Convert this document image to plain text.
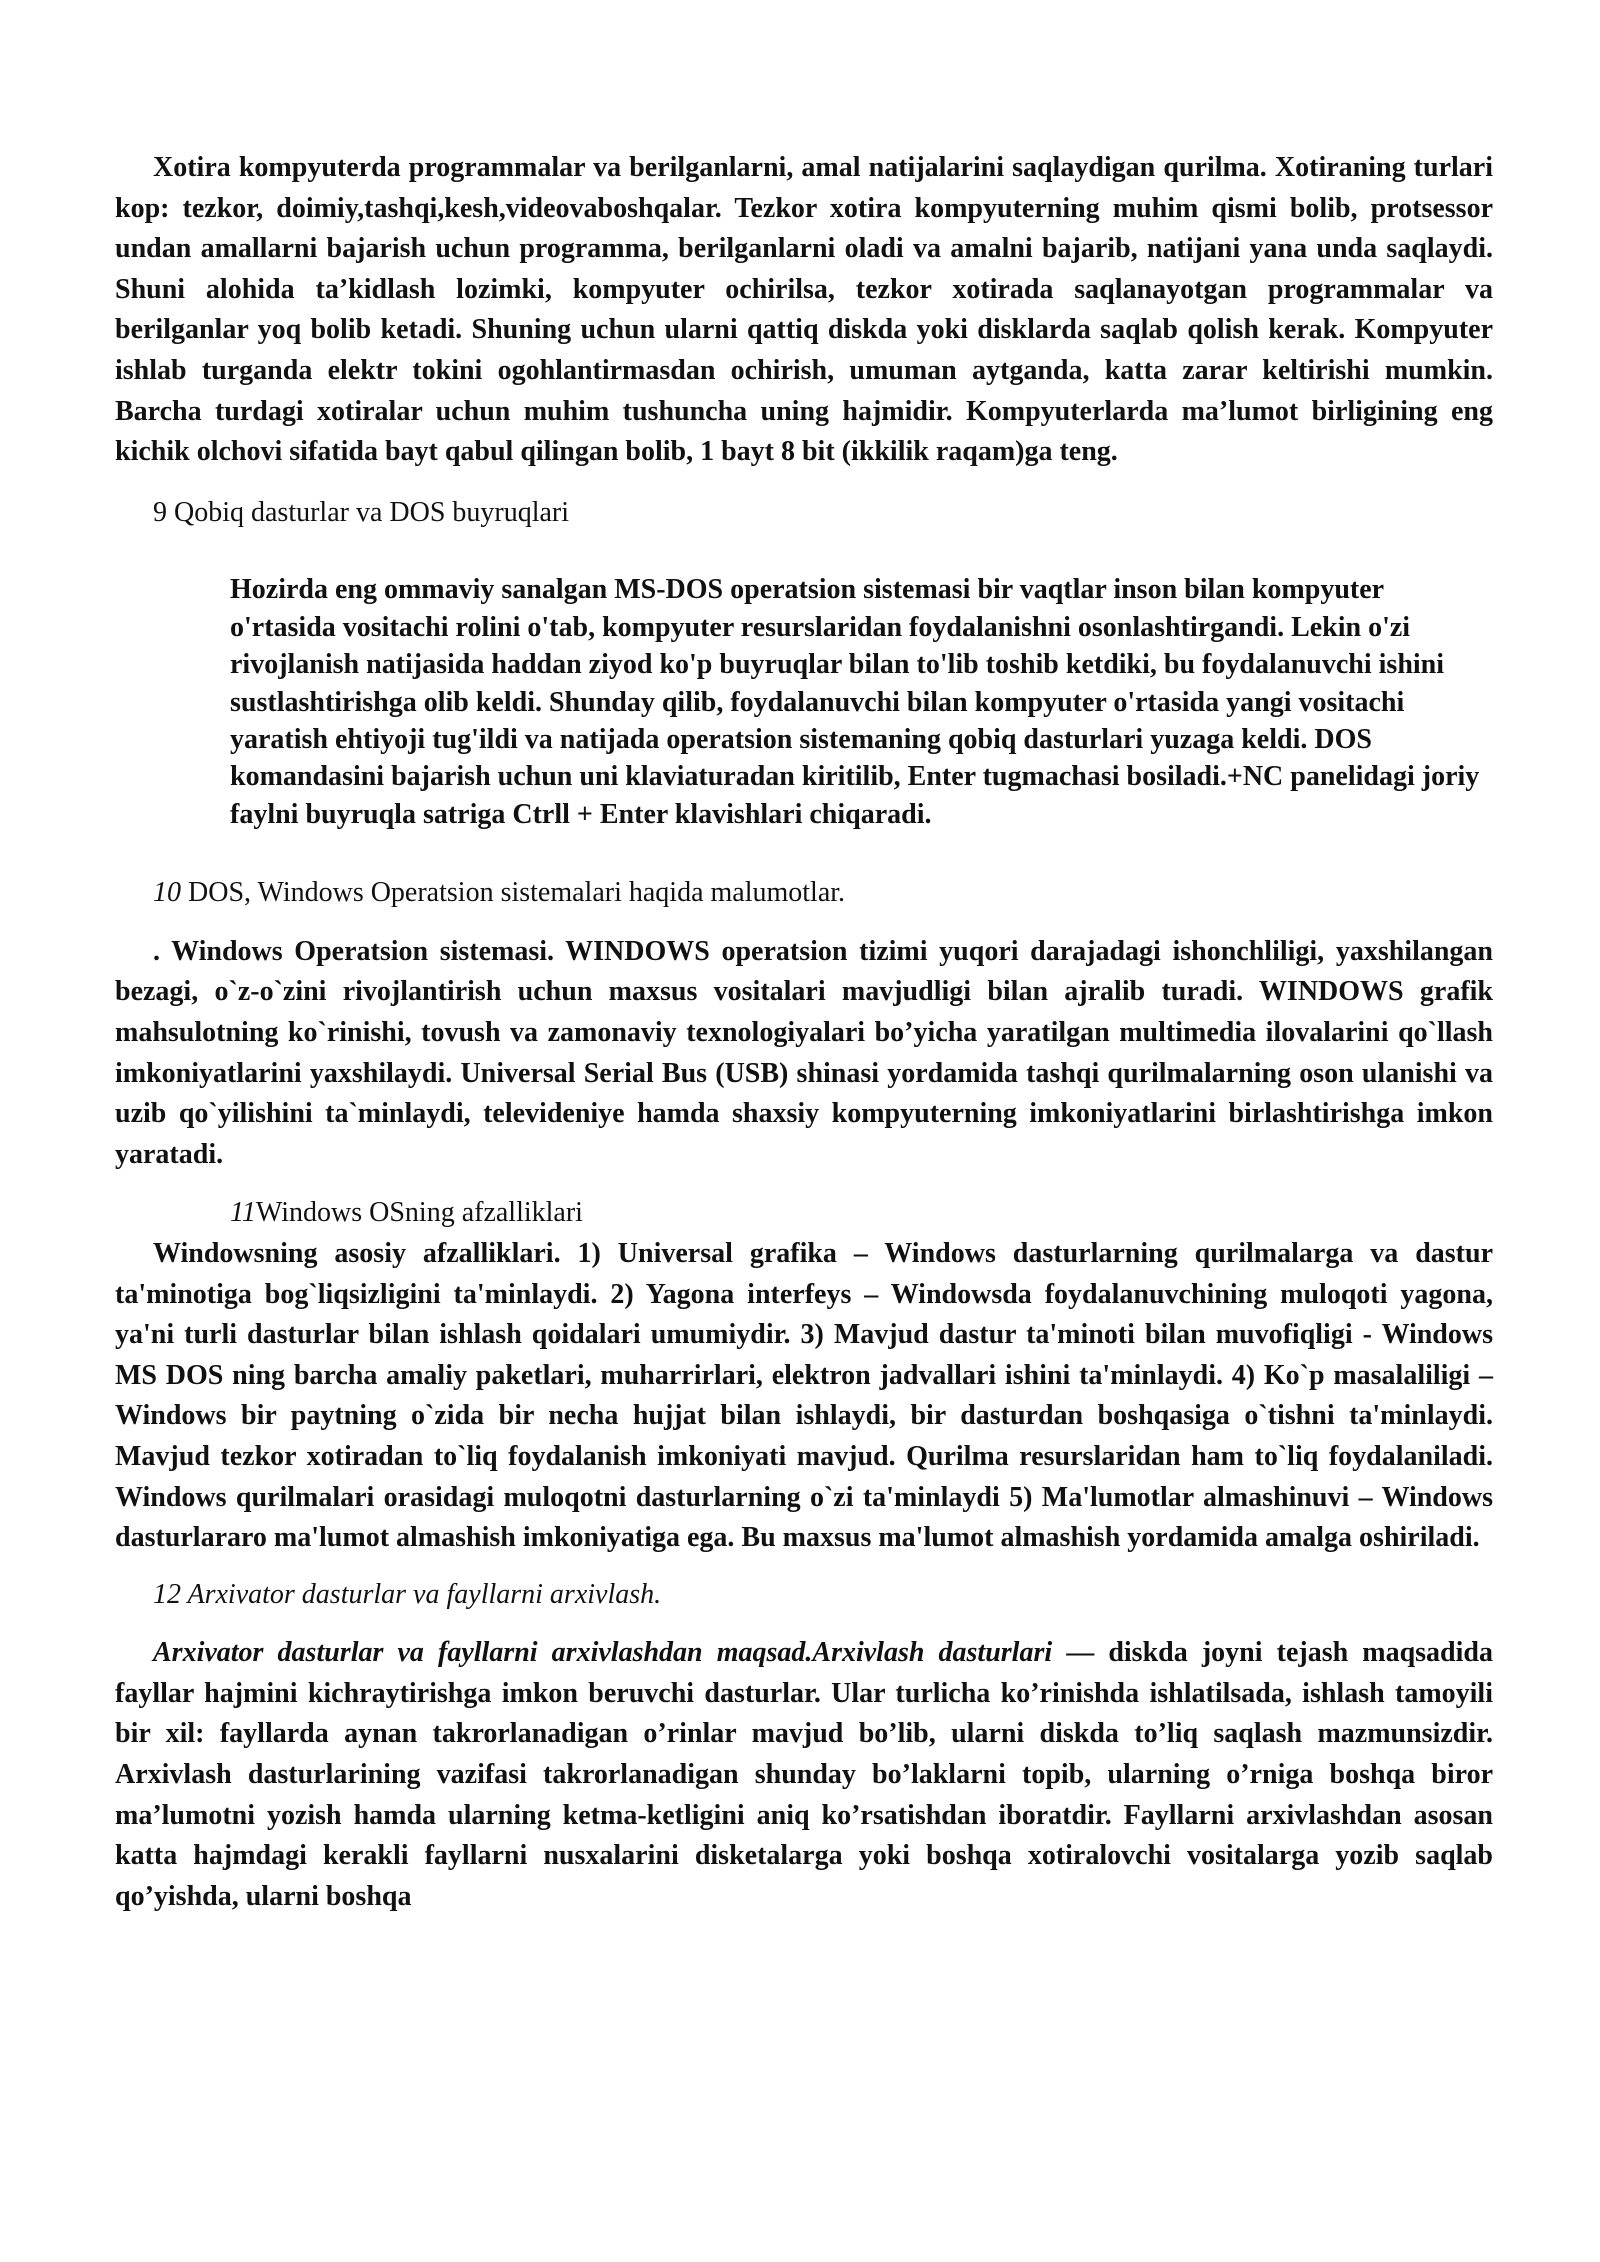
Xotira kompyuterda programmalar va berilganlarni, amal natijalarini saqlaydigan qurilma. Xotiraning turlari kop: tezkor, doimiy,tashqi,kesh,videovaboshqalar. Tezkor xotira kompyuterning muhim qismi bolib, protsessor undan amallarni bajarish uchun programma, berilganlarni oladi va amalni bajarib, natijani yana unda saqlaydi. Shuni alohida ta’kidlash lozimki, kompyuter ochirilsa, tezkor xotirada saqlanayotgan programmalar va berilganlar yoq bolib ketadi. Shuning uchun ularni qattiq diskda yoki disklarda saqlab qolish kerak. Kompyuter ishlab turganda elektr tokini ogohlantirmasdan ochirish, umuman aytganda, katta zarar keltirishi mumkin. Barcha turdagi xotiralar uchun muhim tushuncha uning hajmidir. Kompyuterlarda ma’lumot birligining eng kichik olchovi sifatida bayt qabul qilingan bolib, 1 bayt 8 bit (ikkilik raqam)ga teng.

9 Qobiq dasturlar va DOS buyruqlari

Hozirda eng ommaviy sanalgan MS-DOS operatsion sistemasi bir vaqtlar inson bilan kompyuter o'rtasida vositachi rolini o'tab, kompyuter resurslaridan foydalanishni osonlashtirgandi. Lekin o'zi rivojlanish natijasida haddan ziyod ko'p buyruqlar bilan to'lib toshib ketdiki, bu foydalanuvchi ishini sustlashtirishga olib keldi. Shunday qilib, foydalanuvchi bilan kompyuter o'rtasida yangi vositachi yaratish ehtiyoji tug'ildi va natijada operatsion sistemaning qobiq dasturlari yuzaga keldi. DOS komandasini bajarish uchun uni klaviaturadan kiritilib, Enter tugmachasi bosiladi.+NC panelidagi joriy faylni buyruqla satriga Ctrll + Enter klavishlari chiqaradi.

10 DOS, Windows Operatsion sistemalari haqida malumotlar.

. Windows Operatsion sistemasi. WINDOWS operatsion tizimi yuqori darajadagi ishonchliligi, yaxshilangan bezagi, o`z-o`zini rivojlantirish uchun maxsus vositalari mavjudligi bilan ajralib turadi. WINDOWS grafik mahsulotning ko`rinishi, tovush va zamonaviy texnologiyalari bo’yicha yaratilgan multimedia ilovalarini qo`llash imkoniyatlarini yaxshilaydi. Universal Serial Bus (USB) shinasi yordamida tashqi qurilmalarning oson ulanishi va uzib qo`yilishini ta`minlaydi, televideniye hamda shaxsiy kompyuterning imkoniyatlarini birlashtirishga imkon yaratadi.

11Windows OSning afzalliklari

Windowsning asosiy afzalliklari. 1) Universal grafika – Windows dasturlarning qurilmalarga va dastur ta'minotiga bog`liqsizligini ta'minlaydi. 2) Yagona interfeys – Windowsda foydalanuvchining muloqoti yagona, ya'ni turli dasturlar bilan ishlash qoidalari umumiydir. 3) Mavjud dastur ta'minoti bilan muvofiqligi - Windows MS DOS ning barcha amaliy paketlari, muharrirlari, elektron jadvallari ishini ta'minlaydi. 4) Ko`p masalaliligi – Windows bir paytning o`zida bir necha hujjat bilan ishlaydi, bir dasturdan boshqasiga o`tishni ta'minlaydi. Mavjud tezkor xotiradan to`liq foydalanish imkoniyati mavjud. Qurilma resurslaridan ham to`liq foydalaniladi. Windows qurilmalari orasidagi muloqotni dasturlarning o`zi ta'minlaydi 5) Ma'lumotlar almashinuvi – Windows dasturlararo ma'lumot almashish imkoniyatiga ega. Bu maxsus ma'lumot almashish yordamida amalga oshiriladi.

12 Arxivator dasturlar va fayllarni arxivlash.

Arxivator dasturlar va fayllarni arxivlashdan maqsad.Arxivlash dasturlari — diskda joyni tejash maqsadida fayllar hajmini kichraytirishga imkon beruvchi dasturlar. Ular turlicha ko’rinishda ishlatilsada, ishlash tamoyili bir xil: fayllarda aynan takrorlanadigan o’rinlar mavjud bo’lib, ularni diskda to’liq saqlash mazmunsizdir. Arxivlash dasturlarining vazifasi takrorlanadigan shunday bo’laklarni topib, ularning o’rniga boshqa biror ma’lumotni yozish hamda ularning ketma-ketligini aniq ko’rsatishdan iboratdir. Fayllarni arxivlashdan asosan katta hajmdagi kerakli fayllarni nusxalarini disketalarga yoki boshqa xotiralovchi vositalarga yozib saqlab qo’yishda, ularni boshqa
